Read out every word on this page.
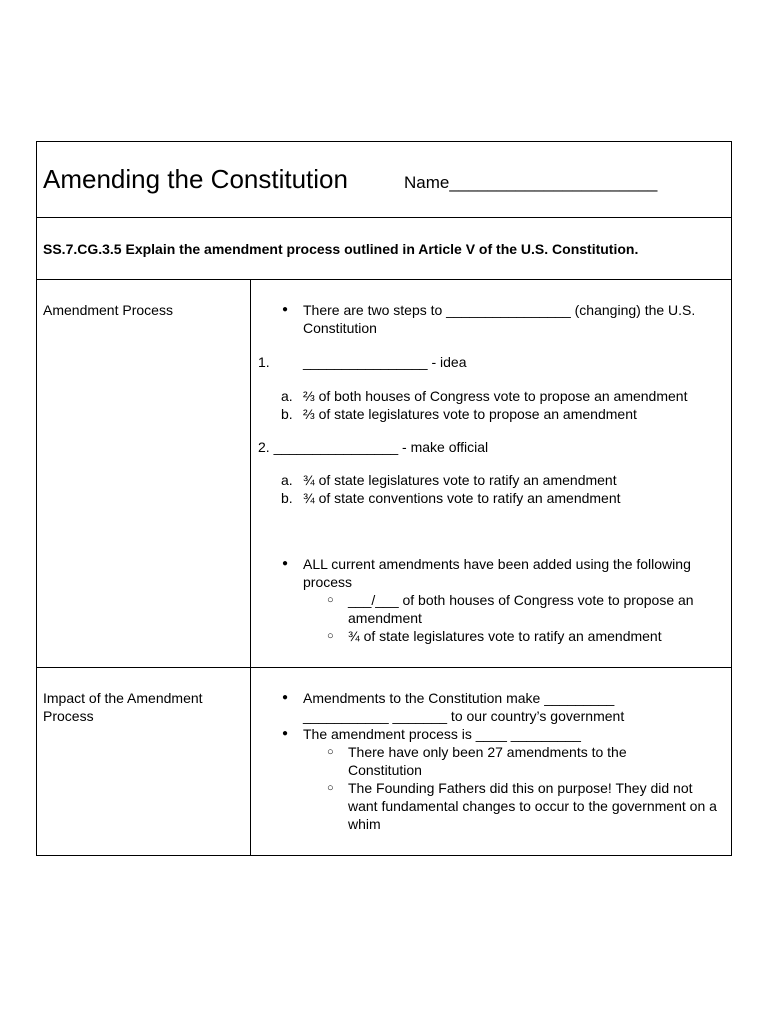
Amending the Constitution	Name______________________
SS.7.CG.3.5 Explain the amendment process outlined in Article V of the U.S. Constitution.
Amendment Process	● There are two steps to ________________ (changing) the U.S. Constitution
1. ________________ - idea
a. ⅔ of both houses of Congress vote to propose an amendment
b. ⅔ of state legislatures vote to propose an amendment
2. ________________ - make official
a. ¾ of state legislatures vote to ratify an amendment
b. ¾ of state conventions vote to ratify an amendment
● ALL current amendments have been added using the following process
○ ___/___ of both houses of Congress vote to propose an amendment
○ ¾ of state legislatures vote to ratify an amendment
Impact of the Amendment Process
● Amendments to the Constitution make _________ ___________ _______ to our country’s government
● The amendment process is ____ _________
○ There have only been 27 amendments to the Constitution
○ The Founding Fathers did this on purpose! They did not want fundamental changes to occur to the government on a whim
